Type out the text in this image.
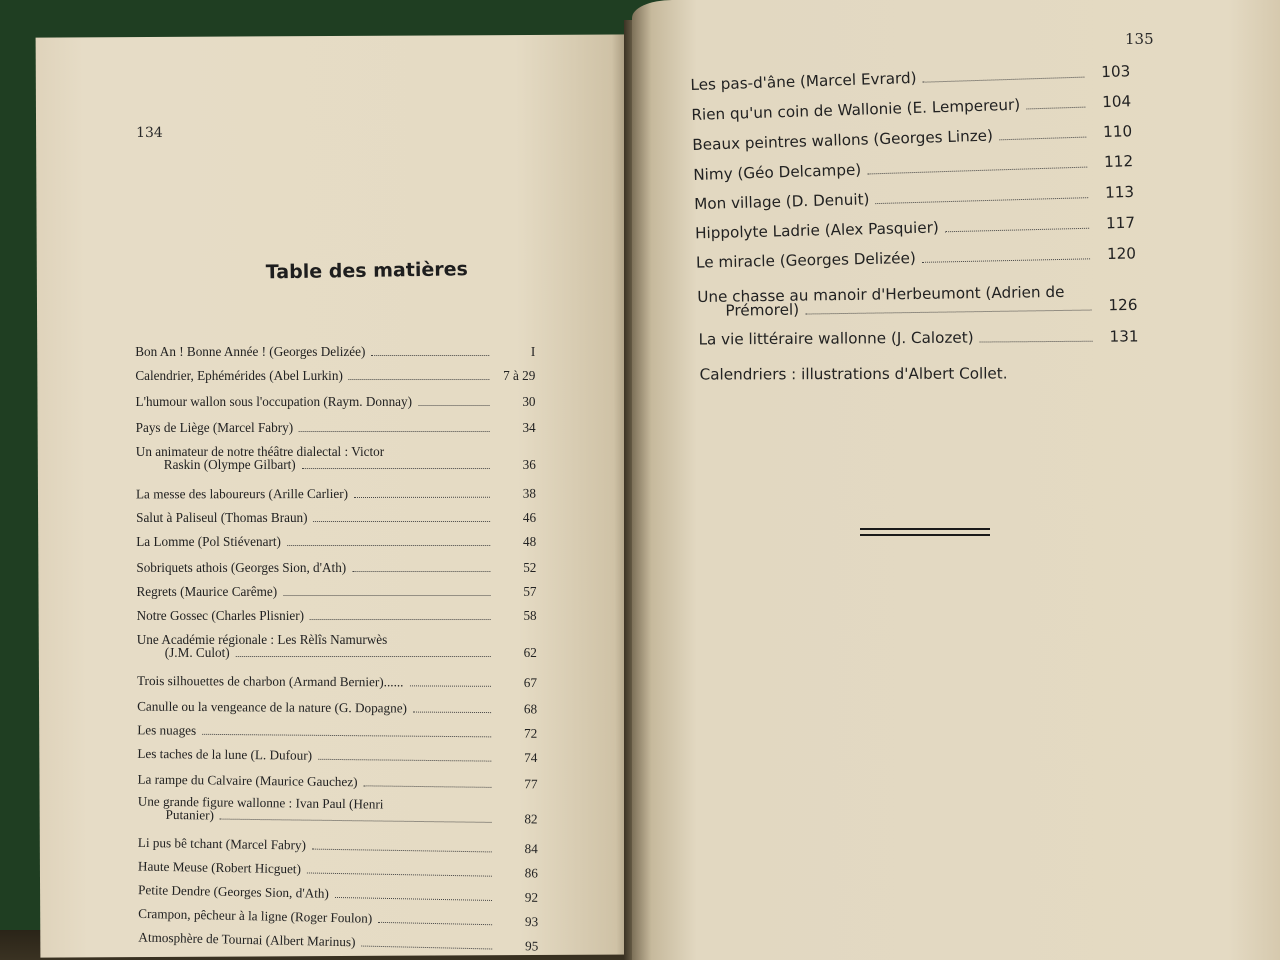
134
Table des matières
Bon An ! Bonne Année ! (Georges Delizée)	I
Calendrier, Ephémérides (Abel Lurkin)	7 à 29
L'humour wallon sous l'occupation (Raym. Donnay)	30
Pays de Liège (Marcel Fabry)	34
Un animateur de notre théâtre dialectal : Victor
Raskin (Olympe Gilbart)	36
La messe des laboureurs (Arille Carlier)	38
Salut à Paliseul (Thomas Braun)	46
La Lomme (Pol Stiévenart)	48
Sobriquets athois (Georges Sion, d'Ath)	52
Regrets (Maurice Carême)	57
Notre Gossec (Charles Plisnier)	58
Une Académie régionale : Les Rèlîs Namurwès
(J.M. Culot)	62
Trois silhouettes de charbon (Armand Bernier)......	67
Canulle ou la vengeance de la nature (G. Dopagne)	68
Les nuages	72
Les taches de la lune (L. Dufour)	74
La rampe du Calvaire (Maurice Gauchez)	77
Une grande figure wallonne : Ivan Paul (Henri
Putanier)	82
Li pus bê tchant (Marcel Fabry)	84
Haute Meuse (Robert Hicguet)	86
Petite Dendre (Georges Sion, d'Ath)	92
Crampon, pêcheur à la ligne (Roger Foulon)	93
Atmosphère de Tournai (Albert Marinus)	95
135
Les pas-d'âne (Marcel Evrard)	103
Rien qu'un coin de Wallonie (E. Lempereur)	104
Beaux peintres wallons (Georges Linze)	110
Nimy (Géo Delcampe)	112
Mon village (D. Denuit)	113
Hippolyte Ladrie (Alex Pasquier)	117
Le miracle (Georges Delizée)	120
Une chasse au manoir d'Herbeumont (Adrien de
Prémorel)	126
La vie littéraire wallonne (J. Calozet)	131
Calendriers : illustrations d'Albert Collet.
